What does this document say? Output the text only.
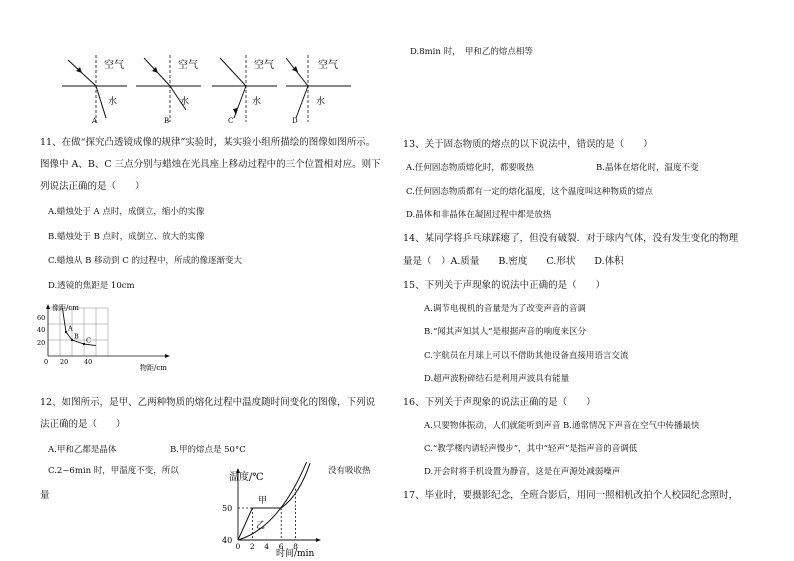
空气
水
A
空气
水
B
空气
水
C
空气
水
D
11、在做“探究凸透镜成像的规律”实验时，某实验小组所描绘的图像如图所示。
图像中 A、B、C 三点分别与蜡烛在光具座上移动过程中的三个位置相对应。则下
列说法正确的是（　　）
A.蜡烛处于 A 点时，成倒立，缩小的实像
B.蜡烛处于 B 点时，成倒立、放大的实像
C.蜡烛从 B 移动到 C 的过程中，所成的像逐渐变大
D.透镜的焦距是 10cm
像距/cm
物距/cm
60
40
20
0 20 40
A
B C
12、如图所示，是甲、乙两种物质的熔化过程中温度随时间变化的图像，下列说
法正确的是（　　）
A.甲和乙都是晶体	B.甲的熔点是 50°C
C.2~6min 时，甲温度不变，所以	没有吸收热
量
温度/℃
时间/min
50
40
0 2 4 6 8
甲
乙
D.8min 时，　甲和乙的熔点相等
13、关于固态物质的熔点的以下说法中，错误的是（　　）
A.任何固态物质熔化时，都要吸热	B.晶体在熔化时，温度不变
C.任何固态物质都有一定的熔化温度，这个温度叫这种物质的熔点
D.晶体和非晶体在凝固过程中都是放热
14、某同学将乒乓球踩瘪了，但没有破裂．对于球内气体，没有发生变化的物理
量是（　）A.质量　　B.密度　　C.形状　　D.体积
15、下列关于声现象的说法中正确的是（　　）
A.调节电视机的音量是为了改变声音的音调
B.“闻其声知其人”是根据声音的响度来区分
C.宇航员在月球上可以不借助其他设备直接用语言交流
D.超声波粉碎结石是利用声波具有能量
16、下列关于声现象的说法正确的是（　　）
A.只要物体振动，人们就能听到声音 B.通常情况下声音在空气中传播最快
C.“教学楼内请轻声慢步”，其中“轻声”是指声音的音调低
D.开会时将手机设置为静音，这是在声源处减弱噪声
17、毕业时，要摄影纪念，全班合影后，用同一照相机改拍个人校园纪念照时，
